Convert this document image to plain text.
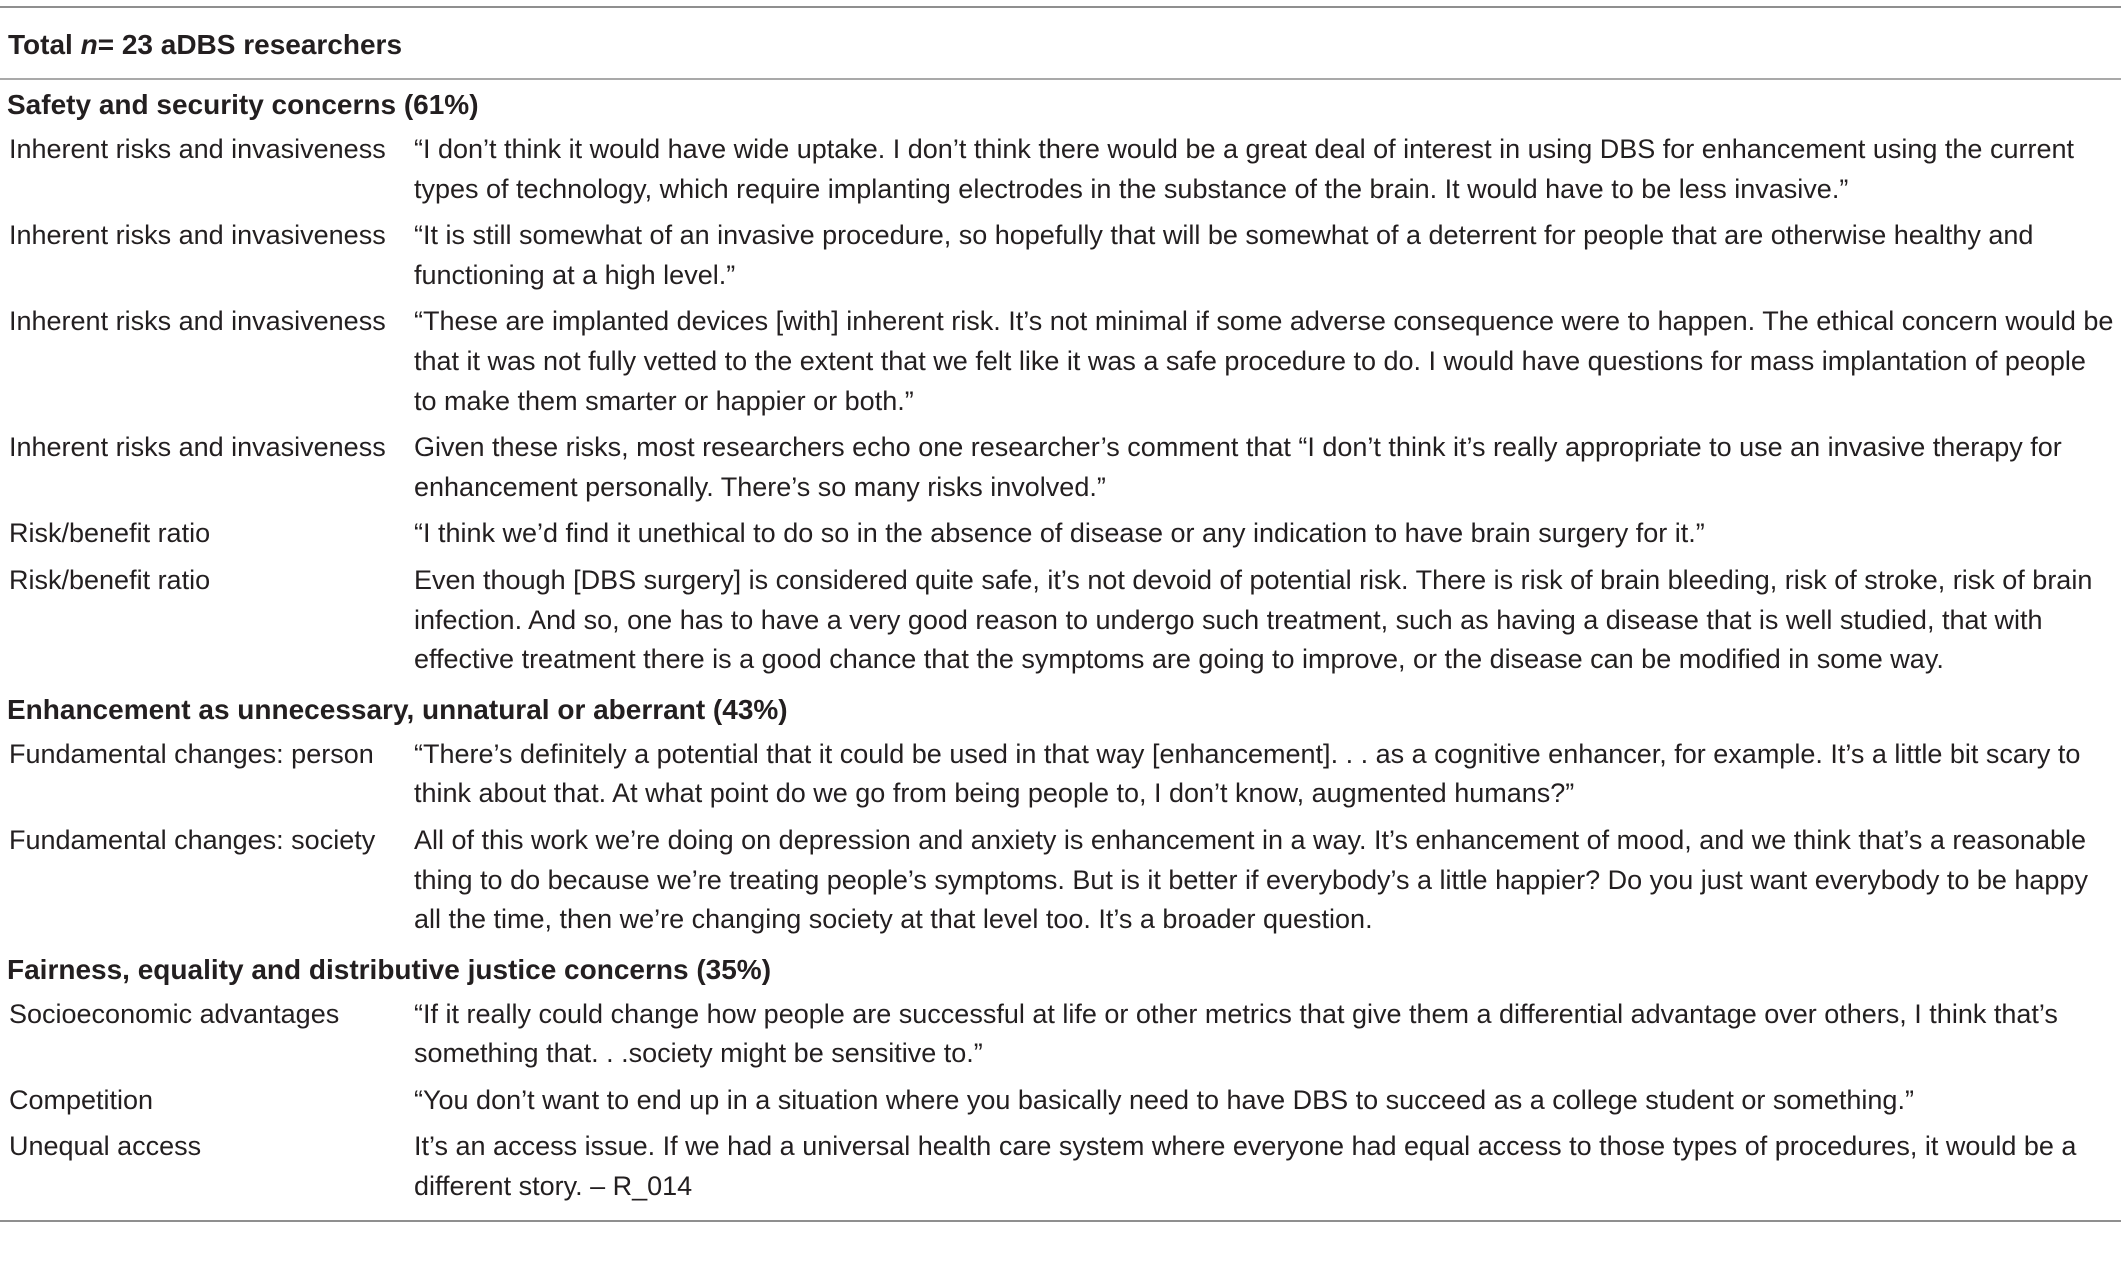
Total
n = 23 aDBS researchers
Safety and security concerns (61%)
Inherent risks and invasiveness	“I don’t think it would have wide uptake. I don’t think there would be a great deal of interest in using DBS for enhancement using the current types of technology, which require implanting electrodes in the substance of the brain. It would have to be less invasive.”
Inherent risks and invasiveness	“It is still somewhat of an invasive procedure, so hopefully that will be somewhat of a deterrent for people that are otherwise healthy and functioning at a high level.”
Inherent risks and invasiveness	“These are implanted devices [with] inherent risk. It’s not minimal if some adverse consequence were to happen. The ethical concern would be that it was not fully vetted to the extent that we felt like it was a safe procedure to do. I would have questions for mass implantation of people to make them smarter or happier or both.”
Inherent risks and invasiveness	Given these risks, most researchers echo one researcher’s comment that “I don’t think it’s really appropriate to use an invasive therapy for enhancement personally. There’s so many risks involved.”
Risk/benefit ratio	“I think we’d find it unethical to do so in the absence of disease or any indication to have brain surgery for it.”
Risk/benefit ratio	Even though [DBS surgery] is considered quite safe, it’s not devoid of potential risk. There is risk of brain bleeding, risk of stroke, risk of brain infection. And so, one has to have a very good reason to undergo such treatment, such as having a disease that is well studied, that with effective treatment there is a good chance that the symptoms are going to improve, or the disease can be modified in some way.
Enhancement as unnecessary, unnatural or aberrant (43%)
Fundamental changes: person	“There’s definitely a potential that it could be used in that way [enhancement]. . . as a cognitive enhancer, for example. It’s a little bit scary to think about that. At what point do we go from being people to, I don’t know, augmented humans?”
Fundamental changes: society	All of this work we’re doing on depression and anxiety is enhancement in a way. It’s enhancement of mood, and we think that’s a reasonable thing to do because we’re treating people’s symptoms. But is it better if everybody’s a little happier? Do you just want everybody to be happy all the time, then we’re changing society at that level too. It’s a broader question.
Fairness, equality and distributive justice concerns (35%)
Socioeconomic advantages	“If it really could change how people are successful at life or other metrics that give them a differential advantage over others, I think that’s something that. . .society might be sensitive to.”
Competition	“You don’t want to end up in a situation where you basically need to have DBS to succeed as a college student or something.”
Unequal access	It’s an access issue. If we had a universal health care system where everyone had equal access to those types of procedures, it would be a different story. – R_014
